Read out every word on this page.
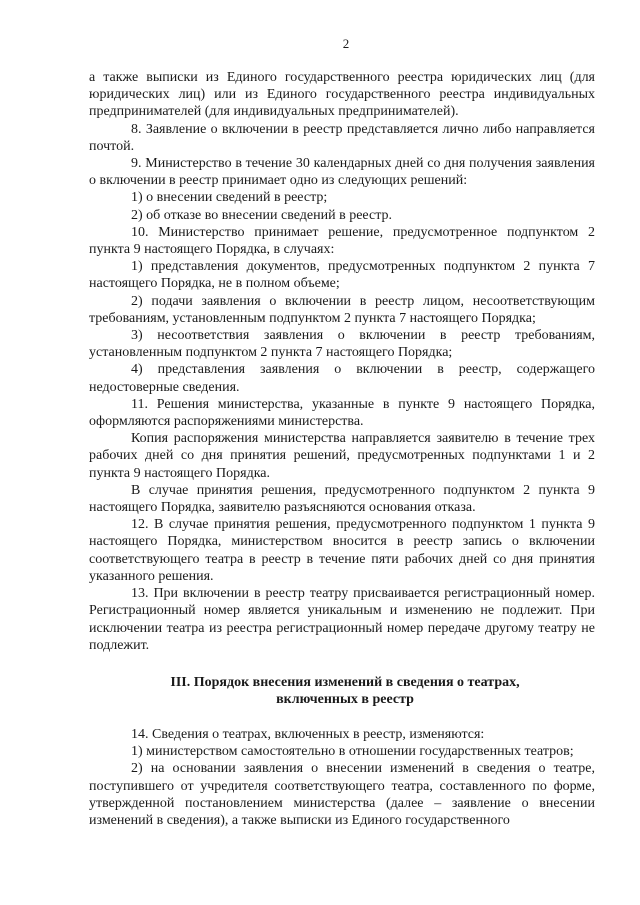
2

а также выписки из Единого государственного реестра юридических лиц (для юридических лиц) или из Единого государственного реестра индивидуальных предпринимателей (для индивидуальных предпринимателей).

8. Заявление о включении в реестр представляется лично либо направляется почтой.

9. Министерство в течение 30 календарных дней со дня получения заявления о включении в реестр принимает одно из следующих решений:

1) о внесении сведений в реестр;

2) об отказе во внесении сведений в реестр.

10. Министерство принимает решение, предусмотренное подпунктом 2 пункта 9 настоящего Порядка, в случаях:

1) представления документов, предусмотренных подпунктом 2 пункта 7 настоящего Порядка, не в полном объеме;

2) подачи заявления о включении в реестр лицом, несоответствующим требованиям, установленным подпунктом 2 пункта 7 настоящего Порядка;

3) несоответствия заявления о включении в реестр требованиям, установленным подпунктом 2 пункта 7 настоящего Порядка;

4) представления заявления о включении в реестр, содержащего недостоверные сведения.

11. Решения министерства, указанные в пункте 9 настоящего Порядка, оформляются распоряжениями министерства.

Копия распоряжения министерства направляется заявителю в течение трех рабочих дней со дня принятия решений, предусмотренных подпунктами 1 и 2 пункта 9 настоящего Порядка.

В случае принятия решения, предусмотренного подпунктом 2 пункта 9 настоящего Порядка, заявителю разъясняются основания отказа.

12. В случае принятия решения, предусмотренного подпунктом 1 пункта 9 настоящего Порядка, министерством вносится в реестр запись о включении соответствующего театра в реестр в течение пяти рабочих дней со дня принятия указанного решения.

13. При включении в реестр театру присваивается регистрационный номер. Регистрационный номер является уникальным и изменению не подлежит. При исключении театра из реестра регистрационный номер передаче другому театру не подлежит.

III. Порядок внесения изменений в сведения о театрах,
включенных в реестр

14. Сведения о театрах, включенных в реестр, изменяются:

1) министерством самостоятельно в отношении государственных театров;

2) на основании заявления о внесении изменений в сведения о театре, поступившего от учредителя соответствующего театра, составленного по форме, утвержденной постановлением министерства (далее – заявление о внесении изменений в сведения), а также выписки из Единого государственного
